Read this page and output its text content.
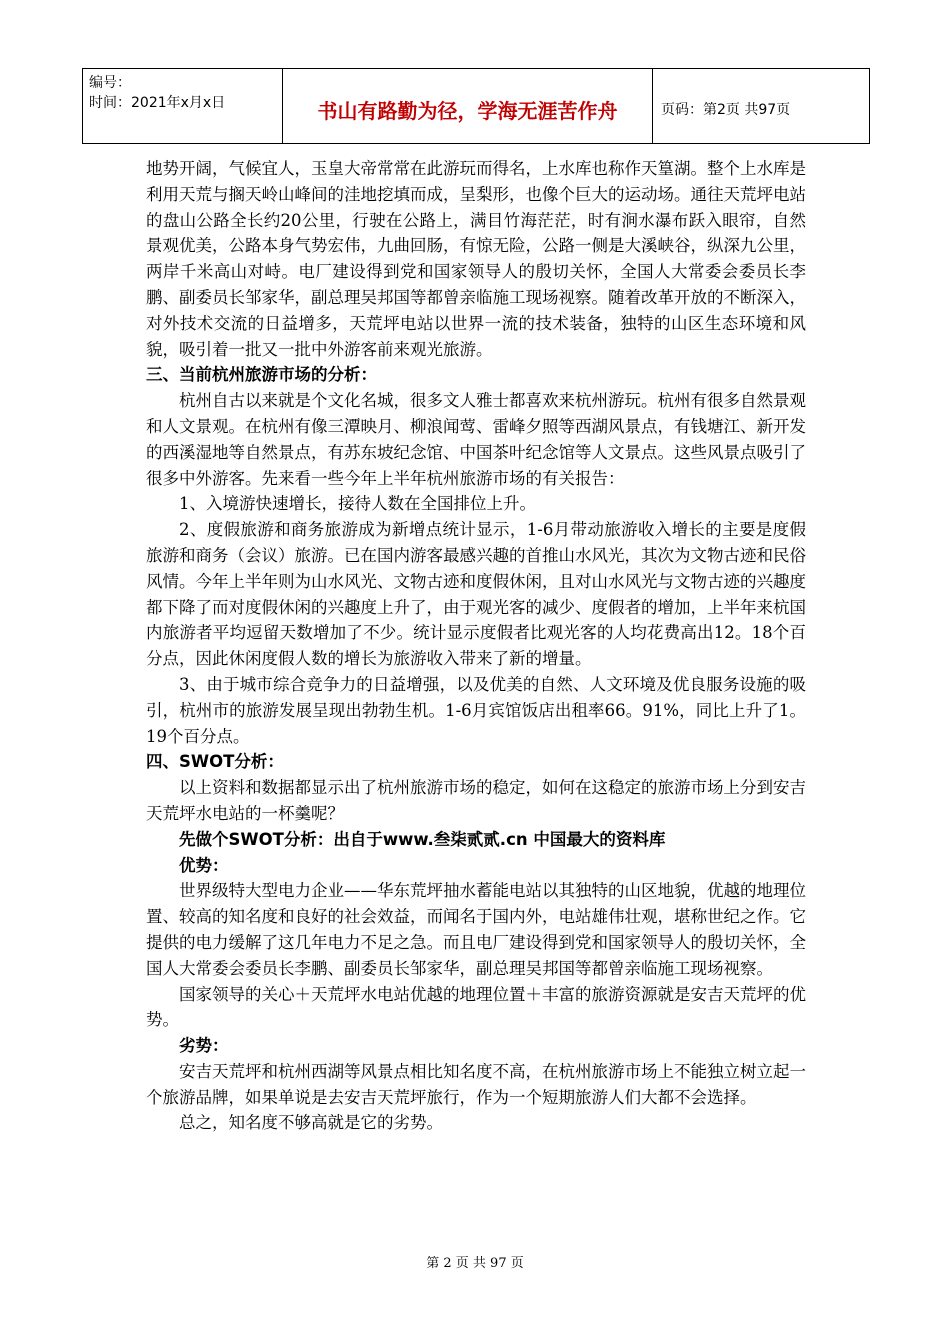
编号：
时间：2021年x月x日	书山有路勤为径，学海无涯苦作舟	页码：第2页 共97页

地势开阔，气候宜人，玉皇大帝常常在此游玩而得名，上水库也称作天篁湖。整个上水库是利用天荒与搁天岭山峰间的洼地挖填而成，呈梨形，也像个巨大的运动场。通往天荒坪电站的盘山公路全长约20公里，行驶在公路上，满目竹海茫茫，时有涧水瀑布跃入眼帘，自然景观优美，公路本身气势宏伟，九曲回肠，有惊无险，公路一侧是大溪峡谷，纵深九公里，两岸千米高山对峙。电厂建设得到党和国家领导人的殷切关怀，全国人大常委会委员长李鹏、副委员长邹家华，副总理吴邦国等都曾亲临施工现场视察。随着改革开放的不断深入，对外技术交流的日益增多，天荒坪电站以世界一流的技术装备，独特的山区生态环境和风貌，吸引着一批又一批中外游客前来观光旅游。

三、当前杭州旅游市场的分析：

杭州自古以来就是个文化名城，很多文人雅士都喜欢来杭州游玩。杭州有很多自然景观和人文景观。在杭州有像三潭映月、柳浪闻莺、雷峰夕照等西湖风景点，有钱塘江、新开发的西溪湿地等自然景点，有苏东坡纪念馆、中国茶叶纪念馆等人文景点。这些风景点吸引了很多中外游客。先来看一些今年上半年杭州旅游市场的有关报告：

1、入境游快速增长，接待人数在全国排位上升。

2、度假旅游和商务旅游成为新增点统计显示，1-6月带动旅游收入增长的主要是度假旅游和商务（会议）旅游。已在国内游客最感兴趣的首推山水风光，其次为文物古迹和民俗风情。今年上半年则为山水风光、文物古迹和度假休闲，且对山水风光与文物古迹的兴趣度都下降了而对度假休闲的兴趣度上升了，由于观光客的减少、度假者的增加，上半年来杭国内旅游者平均逗留天数增加了不少。统计显示度假者比观光客的人均花费高出12。18个百分点，因此休闲度假人数的增长为旅游收入带来了新的增量。

3、由于城市综合竞争力的日益增强，以及优美的自然、人文环境及优良服务设施的吸引，杭州市的旅游发展呈现出勃勃生机。1-6月宾馆饭店出租率66。91%，同比上升了1。19个百分点。

四、SWOT分析：

以上资料和数据都显示出了杭州旅游市场的稳定，如何在这稳定的旅游市场上分到安吉天荒坪水电站的一杯羹呢？

先做个SWOT分析：出自于www.叁柒贰贰.cn 中国最大的资料库

优势：

世界级特大型电力企业——华东荒坪抽水蓄能电站以其独特的山区地貌，优越的地理位置、较高的知名度和良好的社会效益，而闻名于国内外，电站雄伟壮观，堪称世纪之作。它提供的电力缓解了这几年电力不足之急。而且电厂建设得到党和国家领导人的殷切关怀，全国人大常委会委员长李鹏、副委员长邹家华，副总理吴邦国等都曾亲临施工现场视察。

国家领导的关心＋天荒坪水电站优越的地理位置＋丰富的旅游资源就是安吉天荒坪的优势。

劣势：

安吉天荒坪和杭州西湖等风景点相比知名度不高，在杭州旅游市场上不能独立树立起一个旅游品牌，如果单说是去安吉天荒坪旅行，作为一个短期旅游人们大都不会选择。

总之，知名度不够高就是它的劣势。

第 2 页 共 97 页
